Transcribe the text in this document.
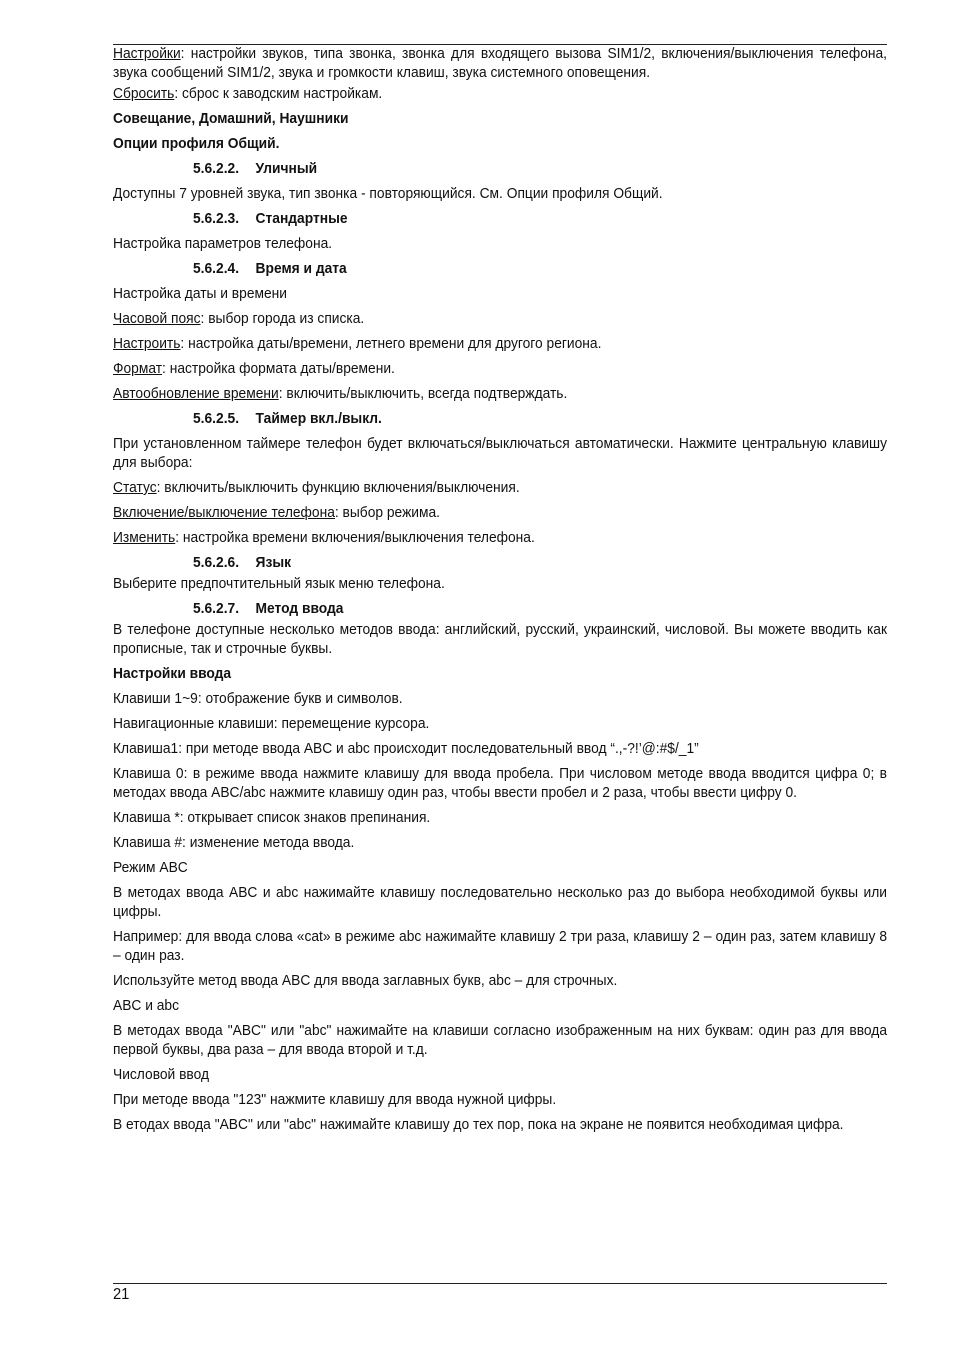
Настройки: настройки звуков, типа звонка, звонка для входящего вызова SIM1/2, включения/выключения телефона, звука сообщений SIM1/2, звука и громкости клавиш, звука системного оповещения.

Сбросить: сброс к заводским настройкам.

Совещание, Домашний, Наушники

Опции профиля Общий.

5.6.2.2. Уличный

Доступны 7 уровней звука, тип звонка - повторяющийся. См. Опции профиля Общий.

5.6.2.3. Стандартные

Настройка параметров телефона.

5.6.2.4. Время и дата

Настройка даты и времени

Часовой пояс: выбор города из списка.

Настроить: настройка даты/времени, летнего времени для другого региона.

Формат: настройка формата даты/времени.

Автообновление времени: включить/выключить, всегда подтверждать.

5.6.2.5. Таймер вкл./выкл.

При установленном таймере телефон будет включаться/выключаться автоматически. Нажмите центральную клавишу для выбора:

Статус: включить/выключить функцию включения/выключения.

Включение/выключение телефона: выбор режима.

Изменить: настройка времени включения/выключения телефона.

5.6.2.6. Язык

Выберите предпочтительный язык меню телефона.

5.6.2.7. Метод ввода

В телефоне доступные несколько методов ввода: английский, русский, украинский, числовой. Вы можете вводить как прописные, так и строчные буквы.

Настройки ввода

Клавиши 1~9: отображение букв и символов.

Навигационные клавиши: перемещение курсора.

Клавиша1: при методе ввода ABC и abc происходит последовательный ввод “.,-?!’@:#$/_1”

Клавиша 0: в режиме ввода нажмите клавишу для ввода пробела. При числовом методе ввода вводится цифра 0; в методах ввода ABC/abc нажмите клавишу один раз, чтобы ввести пробел и 2 раза, чтобы ввести цифру 0.

Клавиша *: открывает список знаков препинания.

Клавиша #: изменение метода ввода.

Режим ABC

В методах ввода ABC и abc нажимайте клавишу последовательно несколько раз до выбора необходимой буквы или цифры.

Например: для ввода слова «cat» в режиме abc нажимайте клавишу 2 три раза, клавишу 2 – один раз, затем клавишу 8 – один раз.

Используйте метод ввода ABC для ввода заглавных букв, abc – для строчных.

ABC и abc

В методах ввода "ABC" или "abc" нажимайте на клавиши согласно изображенным на них буквам: один раз для ввода первой буквы, два раза – для ввода второй и т.д.

Числовой ввод

При методе ввода "123" нажмите клавишу для ввода нужной цифры.

В етодах ввода "ABC" или "abc" нажимайте клавишу до тех пор, пока на экране не появится необходимая цифра.

21
